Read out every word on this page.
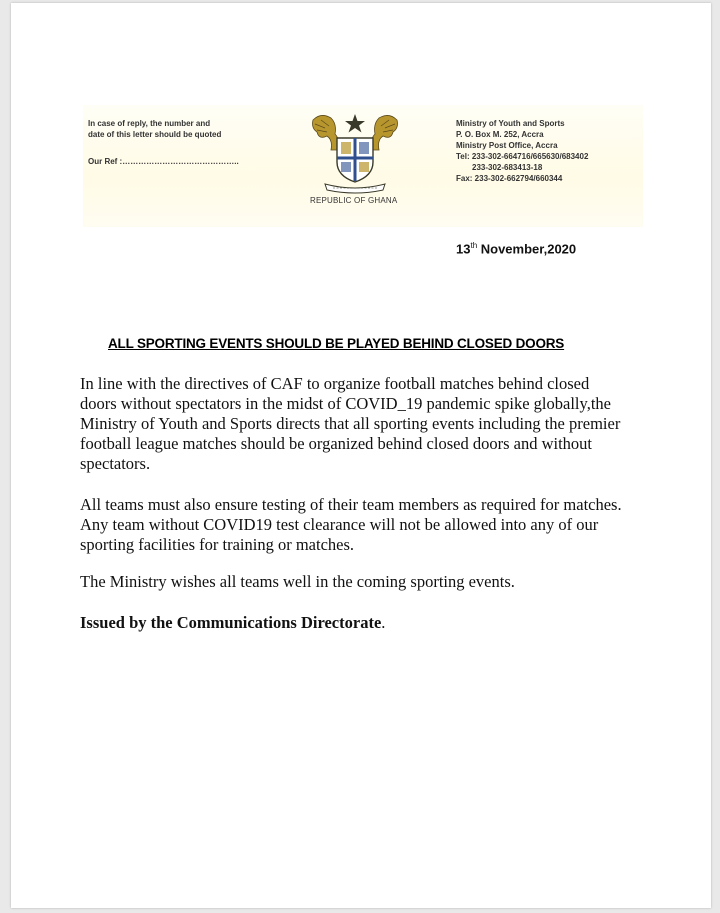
In case of reply, the number and
date of this letter should be quoted
Our Ref :……………………………………..
REPUBLIC OF GHANA
Ministry of Youth and Sports
P. O. Box M. 252, Accra
Ministry Post Office, Accra
Tel: 233-302-664716/665630/683402
233-302-683413-18
Fax: 233-302-662794/660344
13th November,2020
ALL SPORTING EVENTS SHOULD BE PLAYED BEHIND CLOSED DOORS
In line with the directives of CAF to organize football matches behind closed doors without spectators in the midst of COVID_19 pandemic spike globally,the Ministry of Youth and Sports directs that all sporting events including the premier football league matches should be organized behind closed doors and without spectators.
All teams must also ensure testing of their team members as required for matches. Any team without COVID19 test clearance will not be allowed into any of our sporting facilities for training or matches.
The Ministry wishes all teams well in the coming sporting events.
Issued by the Communications Directorate.
